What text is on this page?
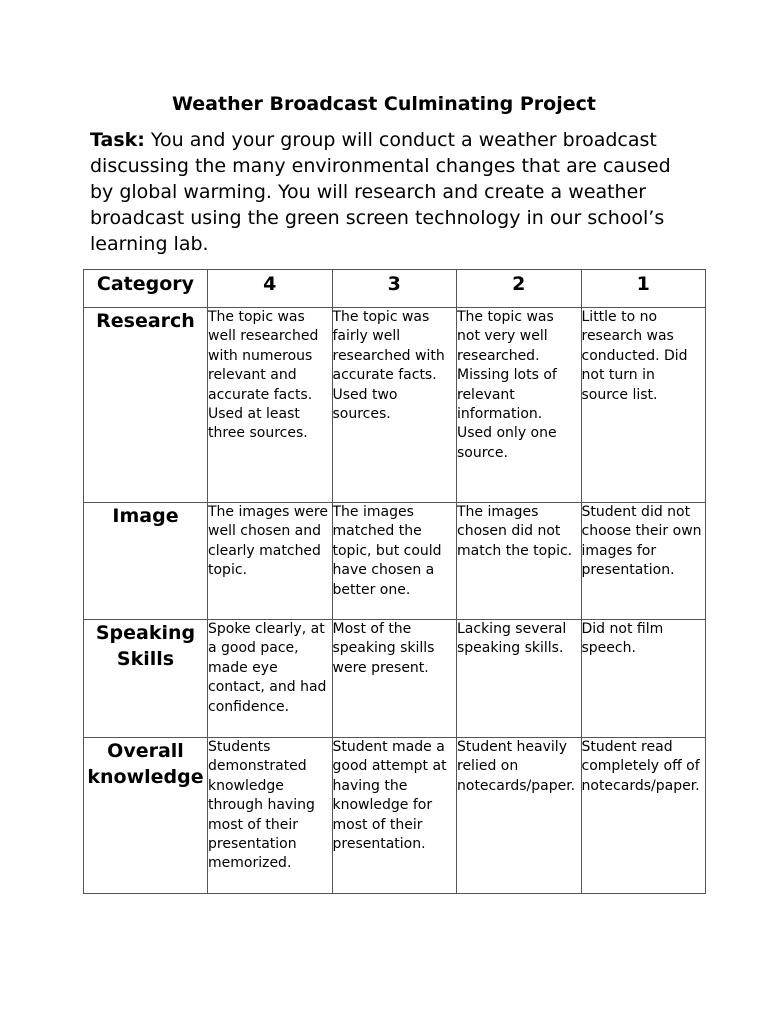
Weather Broadcast Culminating Project
Task: You and your group will conduct a weather broadcast discussing the many environmental changes that are caused by global warming. You will research and create a weather broadcast using the green screen technology in our school’s learning lab.
Category	4	3	2	1

Research	The topic was well researched with numerous relevant and accurate facts. Used at least three sources.	The topic was fairly well researched with accurate facts. Used two sources.	The topic was not very well researched. Missing lots of relevant information. Used only one source.	Little to no research was conducted. Did not turn in source list.
Image	The images were well chosen and clearly matched topic.	The images matched the topic, but could have chosen a better one.	The images chosen did not match the topic.	Student did not choose their own images for presentation.
Speaking Skills	Spoke clearly, at a good pace, made eye contact, and had confidence.	Most of the speaking skills were present.	Lacking several speaking skills.	Did not film speech.
Overall knowledge	Students demonstrated knowledge through having most of their presentation memorized.	Student made a good attempt at having the knowledge for most of their presentation.	Student heavily relied on notecards/paper.	Student read completely off of notecards/paper.
